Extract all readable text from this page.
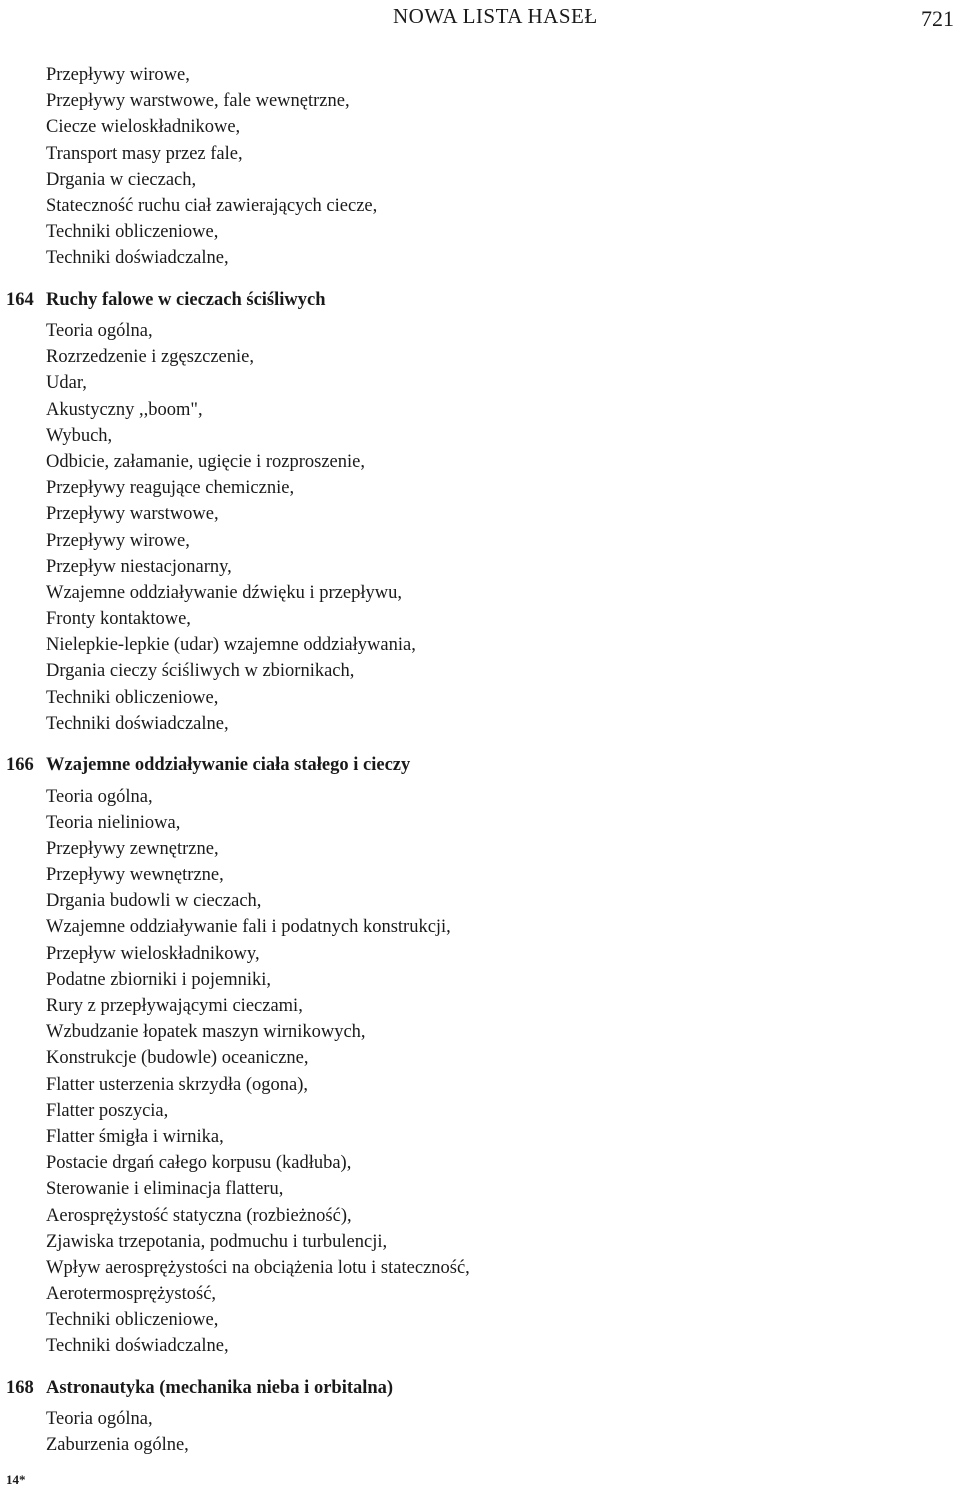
NOWA LISTA HASEŁ	721
Przepływy wirowe,
Przepływy warstwowe, fale wewnętrzne,
Ciecze wieloskładnikowe,
Transport masy przez fale,
Drgania w cieczach,
Stateczność ruchu ciał zawierających ciecze,
Techniki obliczeniowe,
Techniki doświadczalne,
164 Ruchy falowe w cieczach ściśliwych
Teoria ogólna,
Rozrzedzenie i zgęszczenie,
Udar,
Akustyczny ,,boom",
Wybuch,
Odbicie, załamanie, ugięcie i rozproszenie,
Przepływy reagujące chemicznie,
Przepływy warstwowe,
Przepływy wirowe,
Przepływ niestacjonarny,
Wzajemne oddziaływanie dźwięku i przepływu,
Fronty kontaktowe,
Nielepkie-lepkie (udar) wzajemne oddziaływania,
Drgania cieczy ściśliwych w zbiornikach,
Techniki obliczeniowe,
Techniki doświadczalne,
166 Wzajemne oddziaływanie ciała stałego i cieczy
Teoria ogólna,
Teoria nieliniowa,
Przepływy zewnętrzne,
Przepływy wewnętrzne,
Drgania budowli w cieczach,
Wzajemne oddziaływanie fali i podatnych konstrukcji,
Przepływ wieloskładnikowy,
Podatne zbiorniki i pojemniki,
Rury z przepływającymi cieczami,
Wzbudzanie łopatek maszyn wirnikowych,
Konstrukcje (budowle) oceaniczne,
Flatter usterzenia skrzydła (ogona),
Flatter poszycia,
Flatter śmigła i wirnika,
Postacie drgań całego korpusu (kadłuba),
Sterowanie i eliminacja flatteru,
Aerosprężystość statyczna (rozbieżność),
Zjawiska trzepotania, podmuchu i turbulencji,
Wpływ aerosprężystości na obciążenia lotu i stateczność,
Aerotermosprężystość,
Techniki obliczeniowe,
Techniki doświadczalne,
168 Astronautyka (mechanika nieba i orbitalna)
Teoria ogólna,
Zaburzenia ogólne,
14*
